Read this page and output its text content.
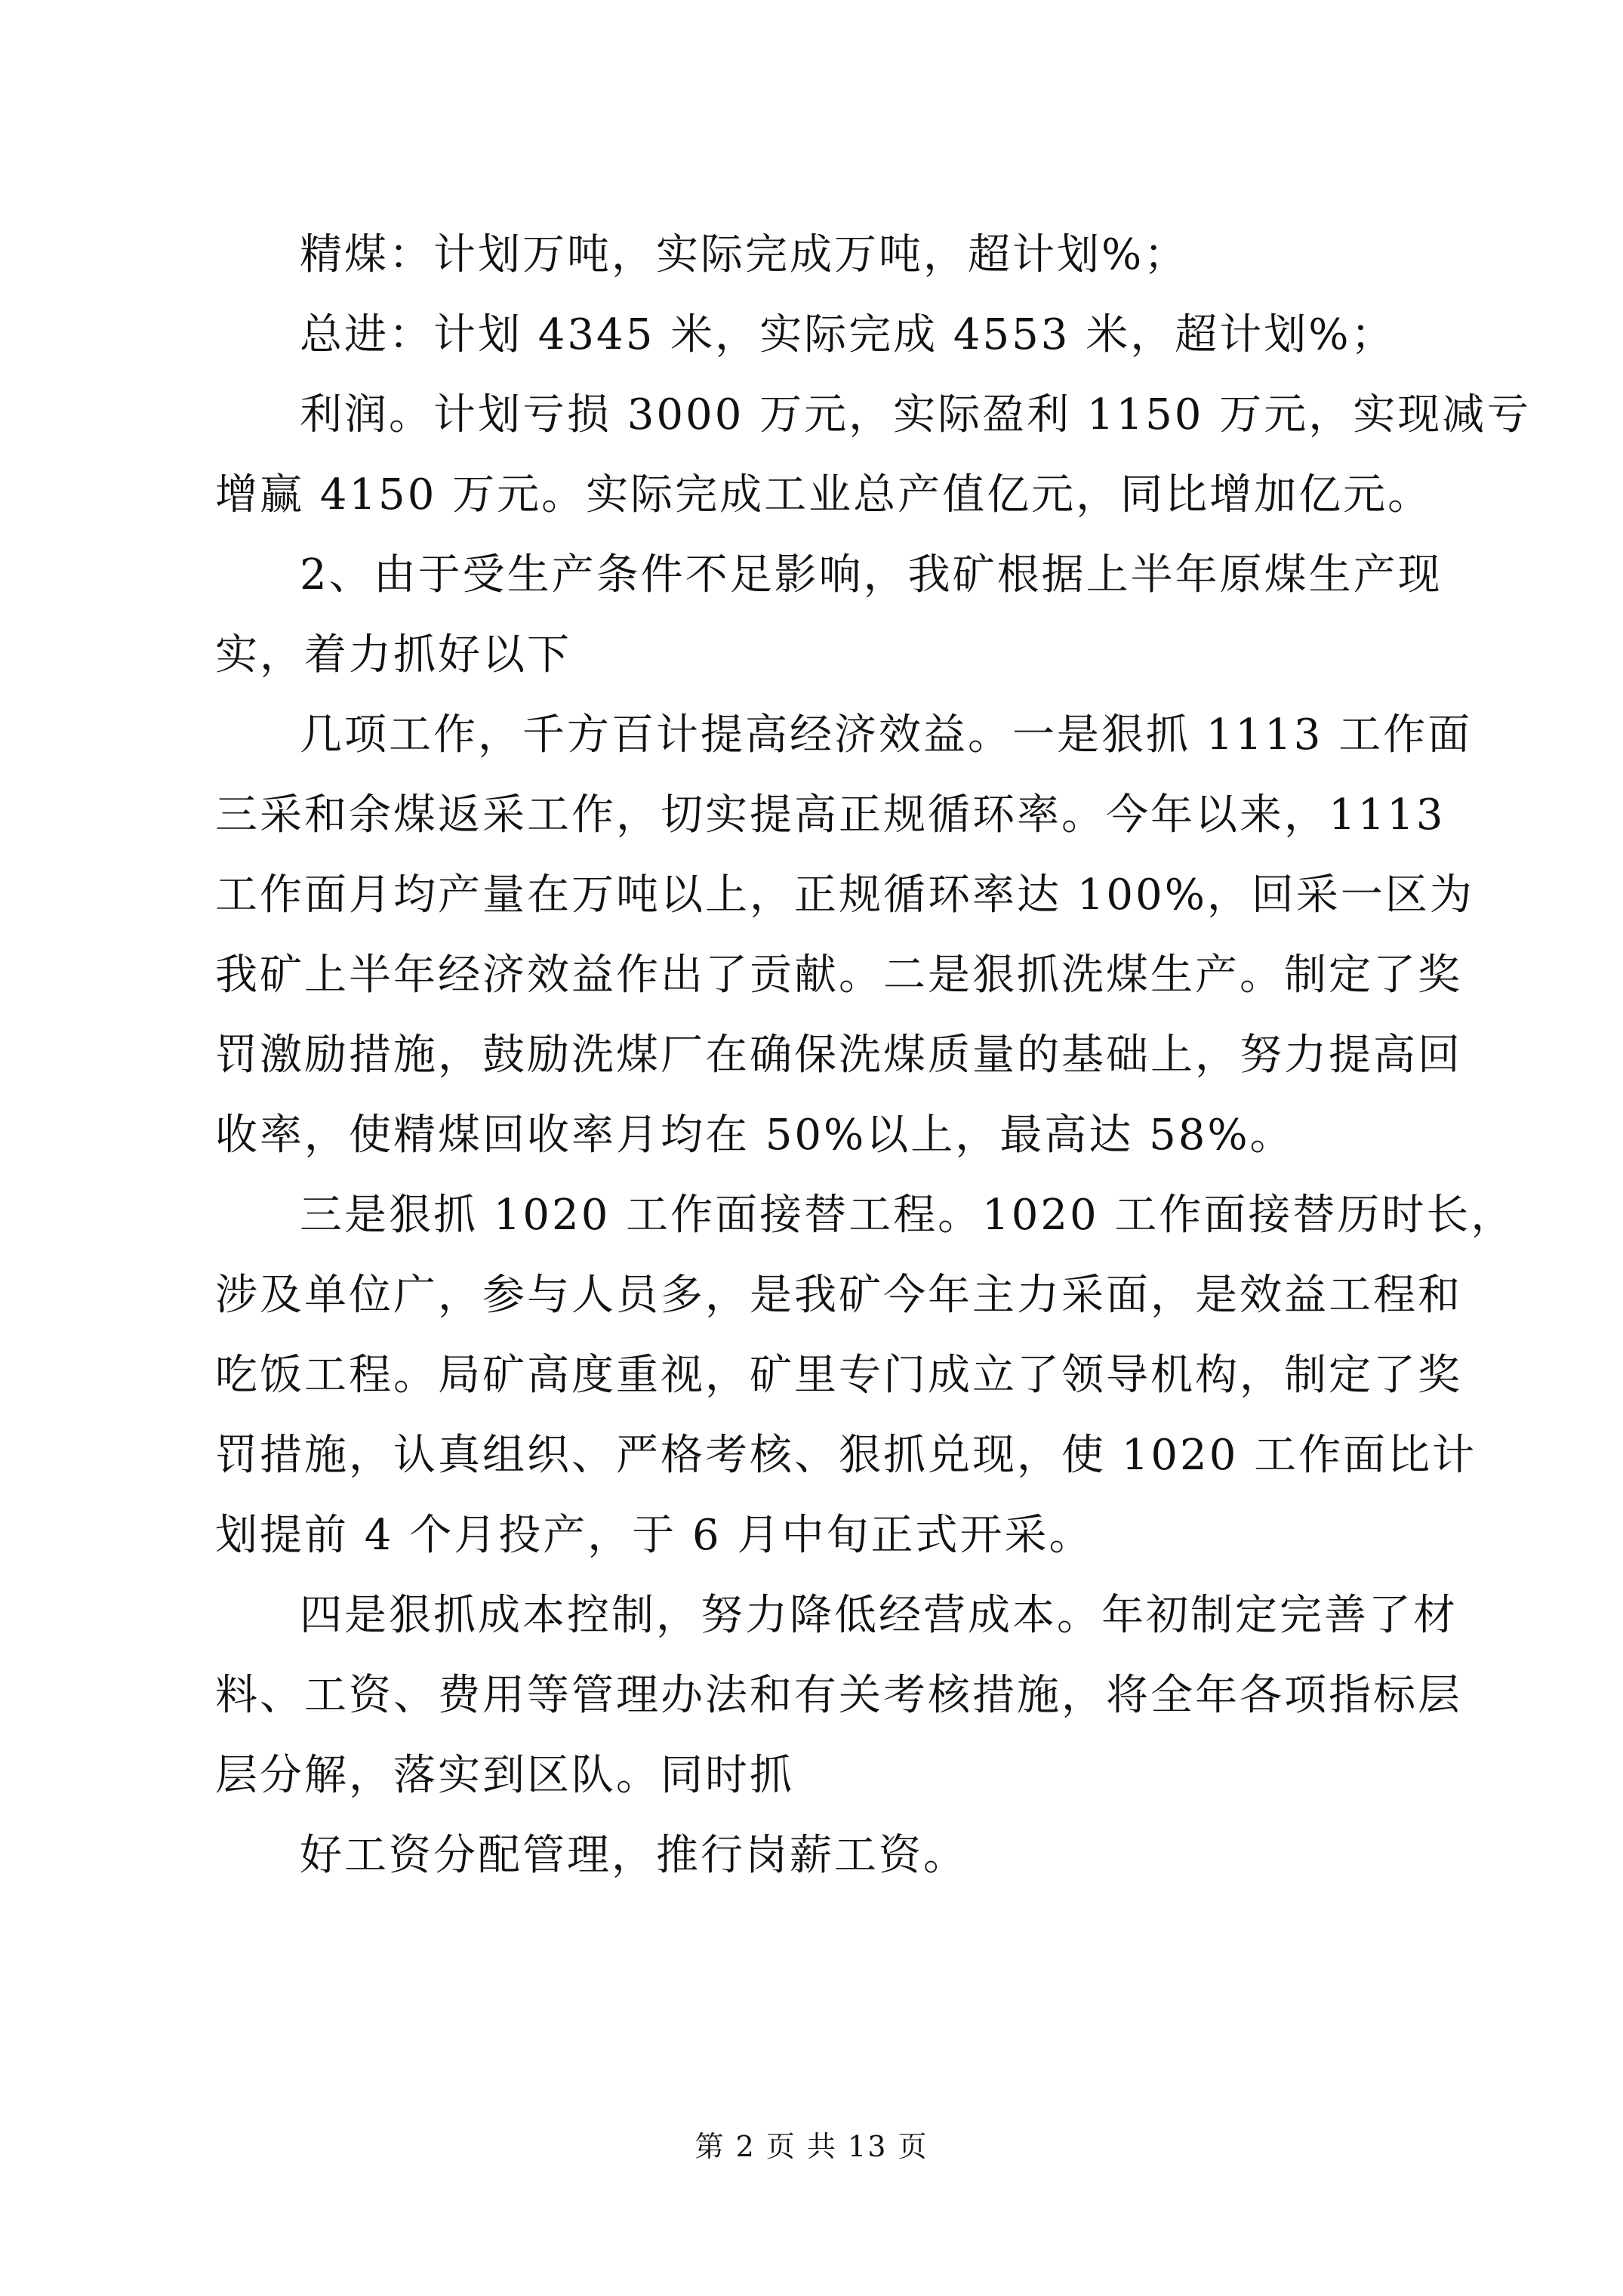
精煤：计划万吨，实际完成万吨，超计划%；

总进：计划 4345 米，实际完成 4553 米，超计划%；

利润。计划亏损 3000 万元，实际盈利 1150 万元，实现减亏
增赢 4150 万元。实际完成工业总产值亿元，同比增加亿元。

2、由于受生产条件不足影响，我矿根据上半年原煤生产现
实，着力抓好以下

几项工作，千方百计提高经济效益。一是狠抓 1113 工作面
三采和余煤返采工作，切实提高正规循环率。今年以来，1113
工作面月均产量在万吨以上，正规循环率达 100%，回采一区为
我矿上半年经济效益作出了贡献。二是狠抓洗煤生产。制定了奖
罚激励措施，鼓励洗煤厂在确保洗煤质量的基础上，努力提高回
收率，使精煤回收率月均在 50%以上，最高达 58%。

三是狠抓 1020 工作面接替工程。1020 工作面接替历时长，
涉及单位广，参与人员多，是我矿今年主力采面，是效益工程和
吃饭工程。局矿高度重视，矿里专门成立了领导机构，制定了奖
罚措施，认真组织、严格考核、狠抓兑现，使 1020 工作面比计
划提前 4 个月投产，于 6 月中旬正式开采。

四是狠抓成本控制，努力降低经营成本。年初制定完善了材
料、工资、费用等管理办法和有关考核措施，将全年各项指标层
层分解，落实到区队。同时抓

好工资分配管理，推行岗薪工资。

第 2 页 共 13 页
